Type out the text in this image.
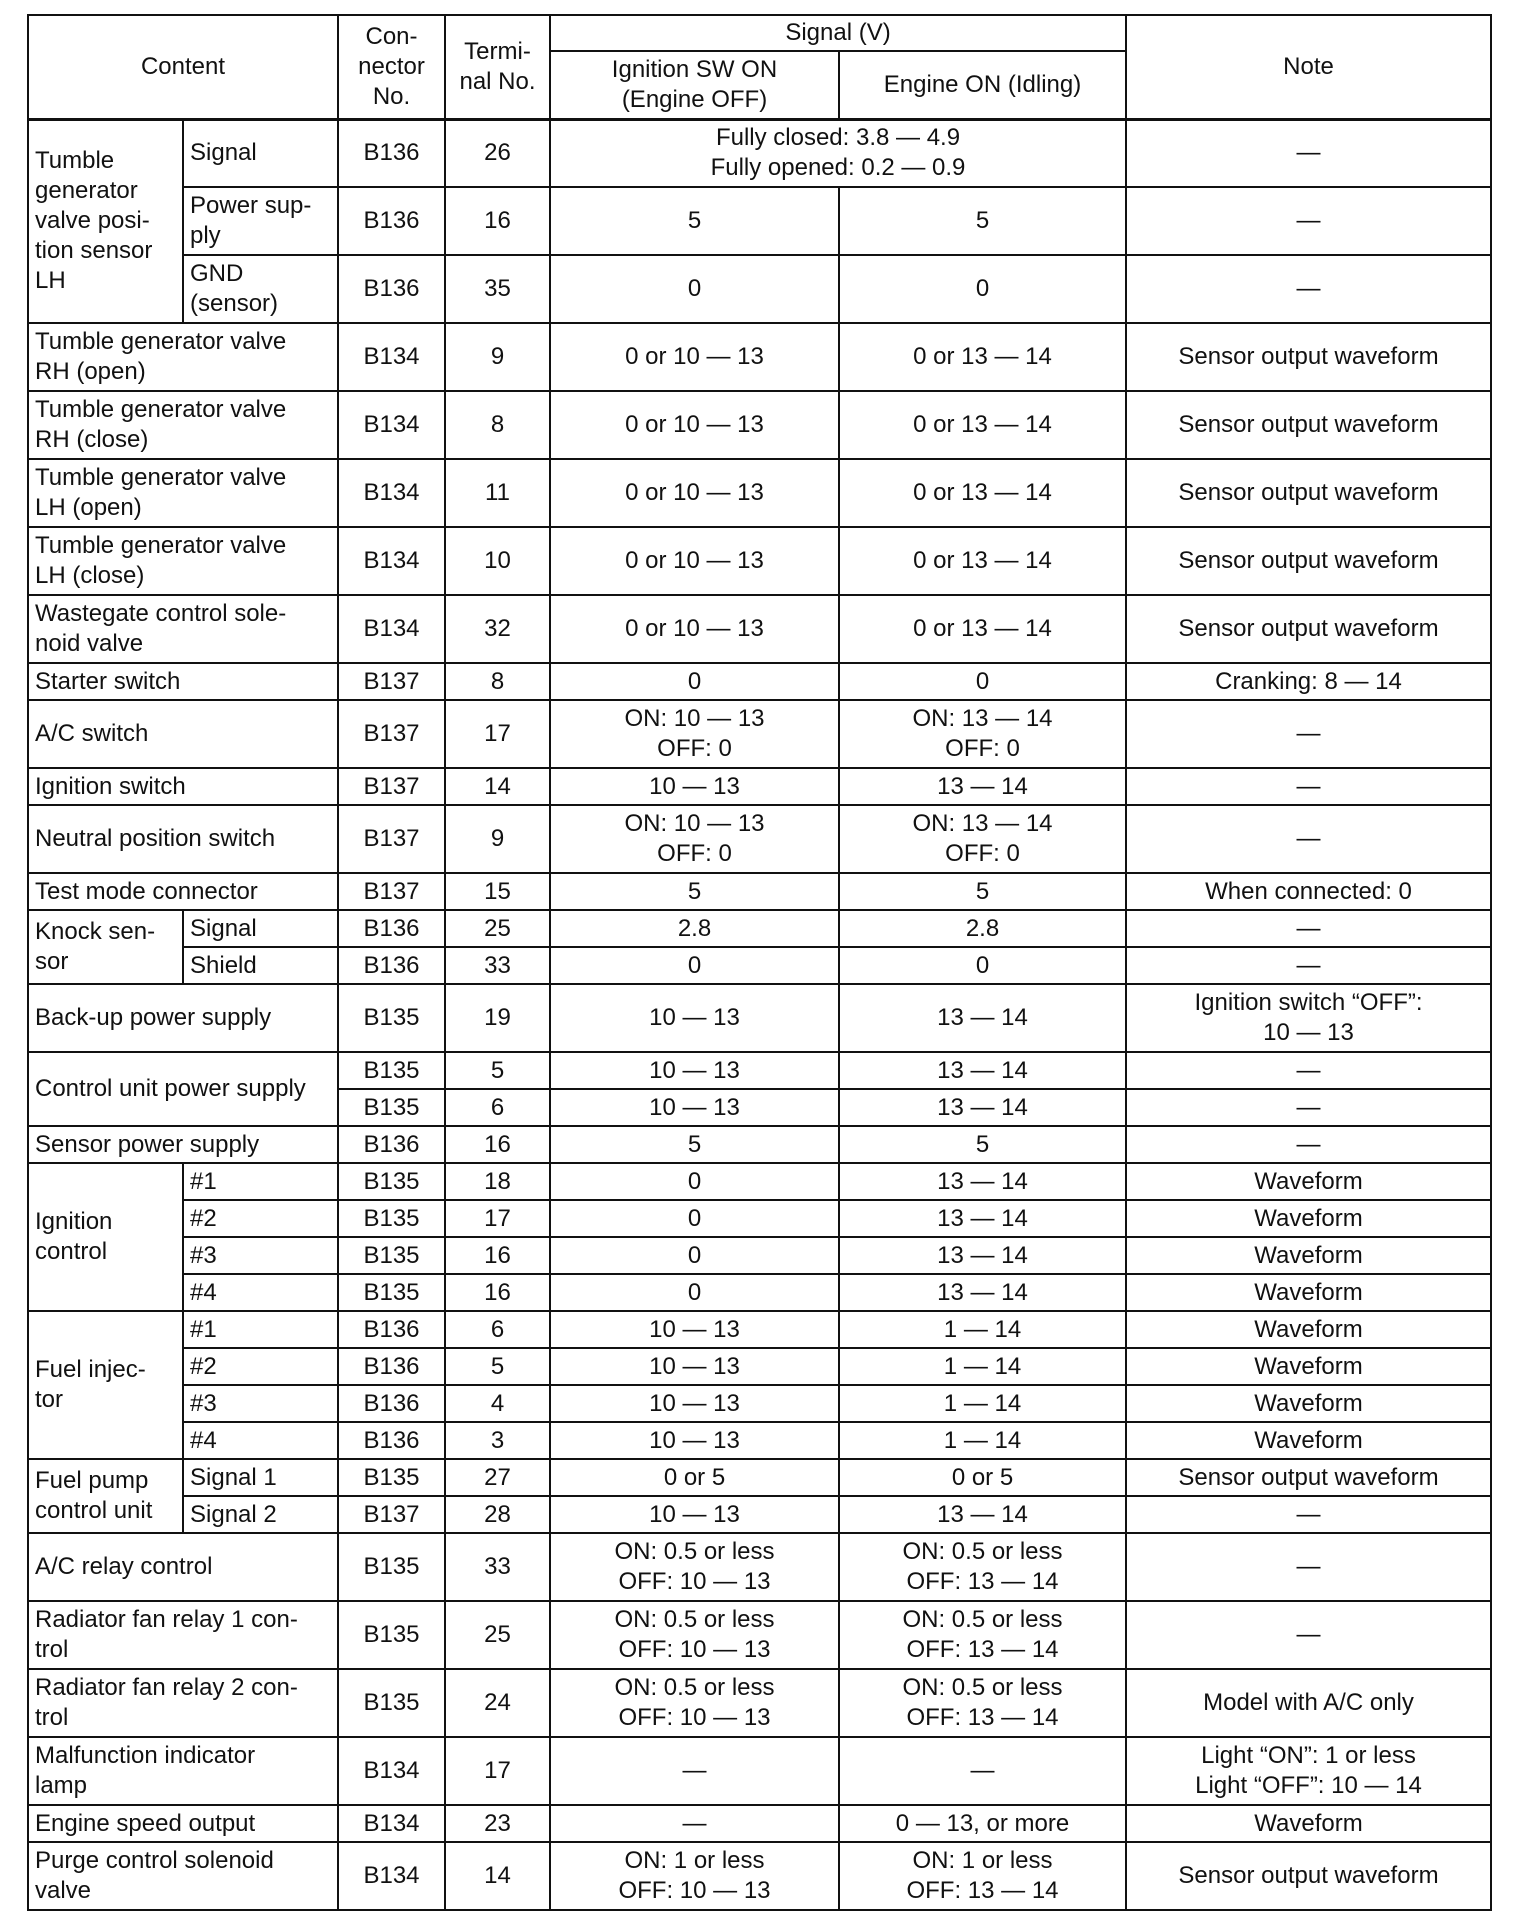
Content		Con-
nector
No.	Termi-
nal No.	Signal (V)		Note
				Ignition SW ON
(Engine OFF)	Engine ON (Idling)	
Tumble
generator
valve posi-
tion sensor
LH	Signal	B136	26	Fully closed: 3.8 — 4.9
Fully opened: 0.2 — 0.9		—
	Power sup-
ply	B136	16	5	5	—
	GND
(sensor)	B136	35	0	0	—
Tumble generator valve
RH (open)		B134	9	0 or 10 — 13	0 or 13 — 14	Sensor output waveform
Tumble generator valve
RH (close)		B134	8	0 or 10 — 13	0 or 13 — 14	Sensor output waveform
Tumble generator valve
LH (open)		B134	11	0 or 10 — 13	0 or 13 — 14	Sensor output waveform
Tumble generator valve
LH (close)		B134	10	0 or 10 — 13	0 or 13 — 14	Sensor output waveform
Wastegate control sole-
noid valve		B134	32	0 or 10 — 13	0 or 13 — 14	Sensor output waveform
Starter switch		B137	8	0	0	Cranking: 8 — 14
A/C switch		B137	17	ON: 10 — 13
OFF: 0	ON: 13 — 14
OFF: 0	—
Ignition switch		B137	14	10 — 13	13 — 14	—
Neutral position switch		B137	9	ON: 10 — 13
OFF: 0	ON: 13 — 14
OFF: 0	—
Test mode connector		B137	15	5	5	When connected: 0
Knock sen-
sor	Signal	B136	25	2.8	2.8	—
	Shield	B136	33	0	0	—
Back-up power supply		B135	19	10 — 13	13 — 14	Ignition switch “OFF”:
10 — 13
Control unit power supply		B135	5	10 — 13	13 — 14	—
		B135	6	10 — 13	13 — 14	—
Sensor power supply		B136	16	5	5	—
Ignition
control	#1	B135	18	0	13 — 14	Waveform
	#2	B135	17	0	13 — 14	Waveform
	#3	B135	16	0	13 — 14	Waveform
	#4	B135	16	0	13 — 14	Waveform
Fuel injec-
tor	#1	B136	6	10 — 13	1 — 14	Waveform
	#2	B136	5	10 — 13	1 — 14	Waveform
	#3	B136	4	10 — 13	1 — 14	Waveform
	#4	B136	3	10 — 13	1 — 14	Waveform
Fuel pump
control unit	Signal 1	B135	27	0 or 5	0 or 5	Sensor output waveform
	Signal 2	B137	28	10 — 13	13 — 14	—
A/C relay control		B135	33	ON: 0.5 or less
OFF: 10 — 13	ON: 0.5 or less
OFF: 13 — 14	—
Radiator fan relay 1 con-
trol		B135	25	ON: 0.5 or less
OFF: 10 — 13	ON: 0.5 or less
OFF: 13 — 14	—
Radiator fan relay 2 con-
trol		B135	24	ON: 0.5 or less
OFF: 10 — 13	ON: 0.5 or less
OFF: 13 — 14	Model with A/C only
Malfunction indicator
lamp		B134	17	—	—	Light “ON”: 1 or less
Light “OFF”: 10 — 14
Engine speed output		B134	23	—	0 — 13, or more	Waveform
Purge control solenoid
valve		B134	14	ON: 1 or less
OFF: 10 — 13	ON: 1 or less
OFF: 13 — 14	Sensor output waveform
